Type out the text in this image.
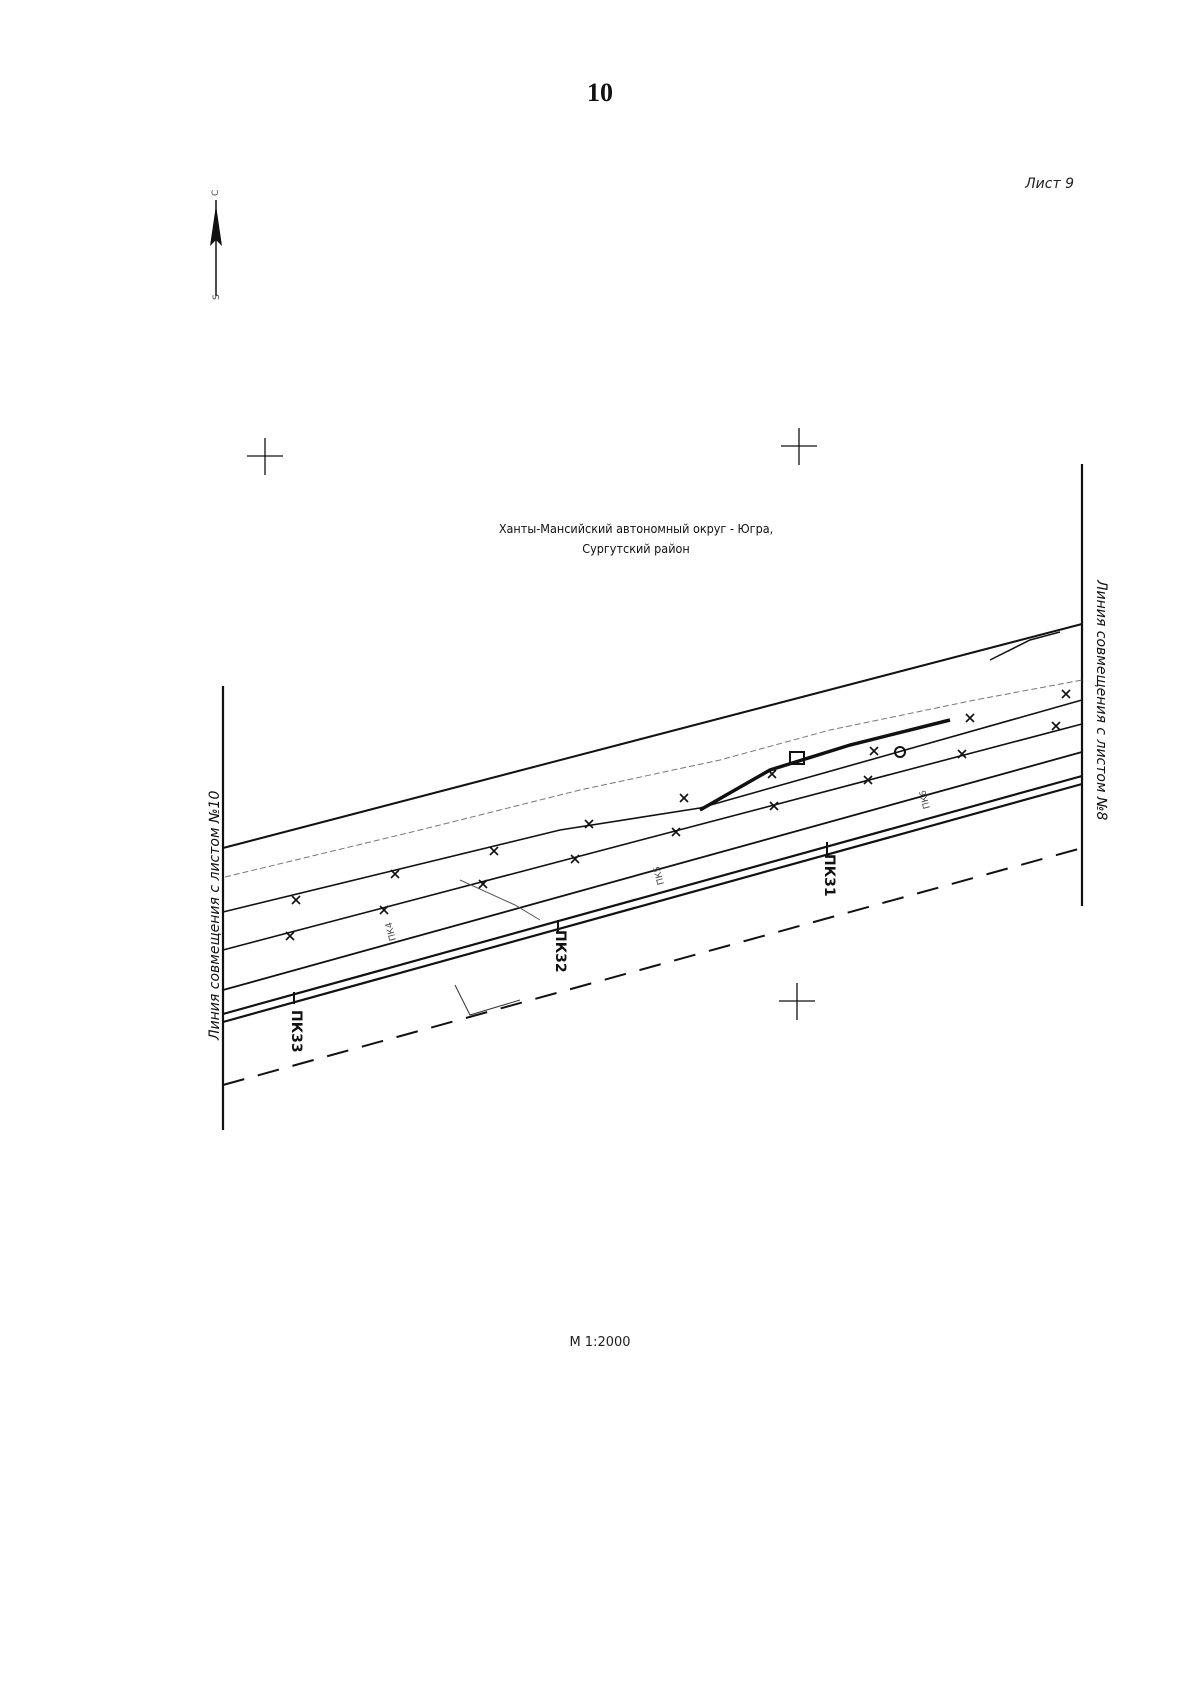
10
Лист 9
С
S
Ханты-Мансийский автономный округ - Югра,
Сургутский район
Линия совмещения с листом №10
Линия совмещения с листом №8
ПК33
ПК32
ПК31
ПК4
ПК5
ПК6
М 1:2000
